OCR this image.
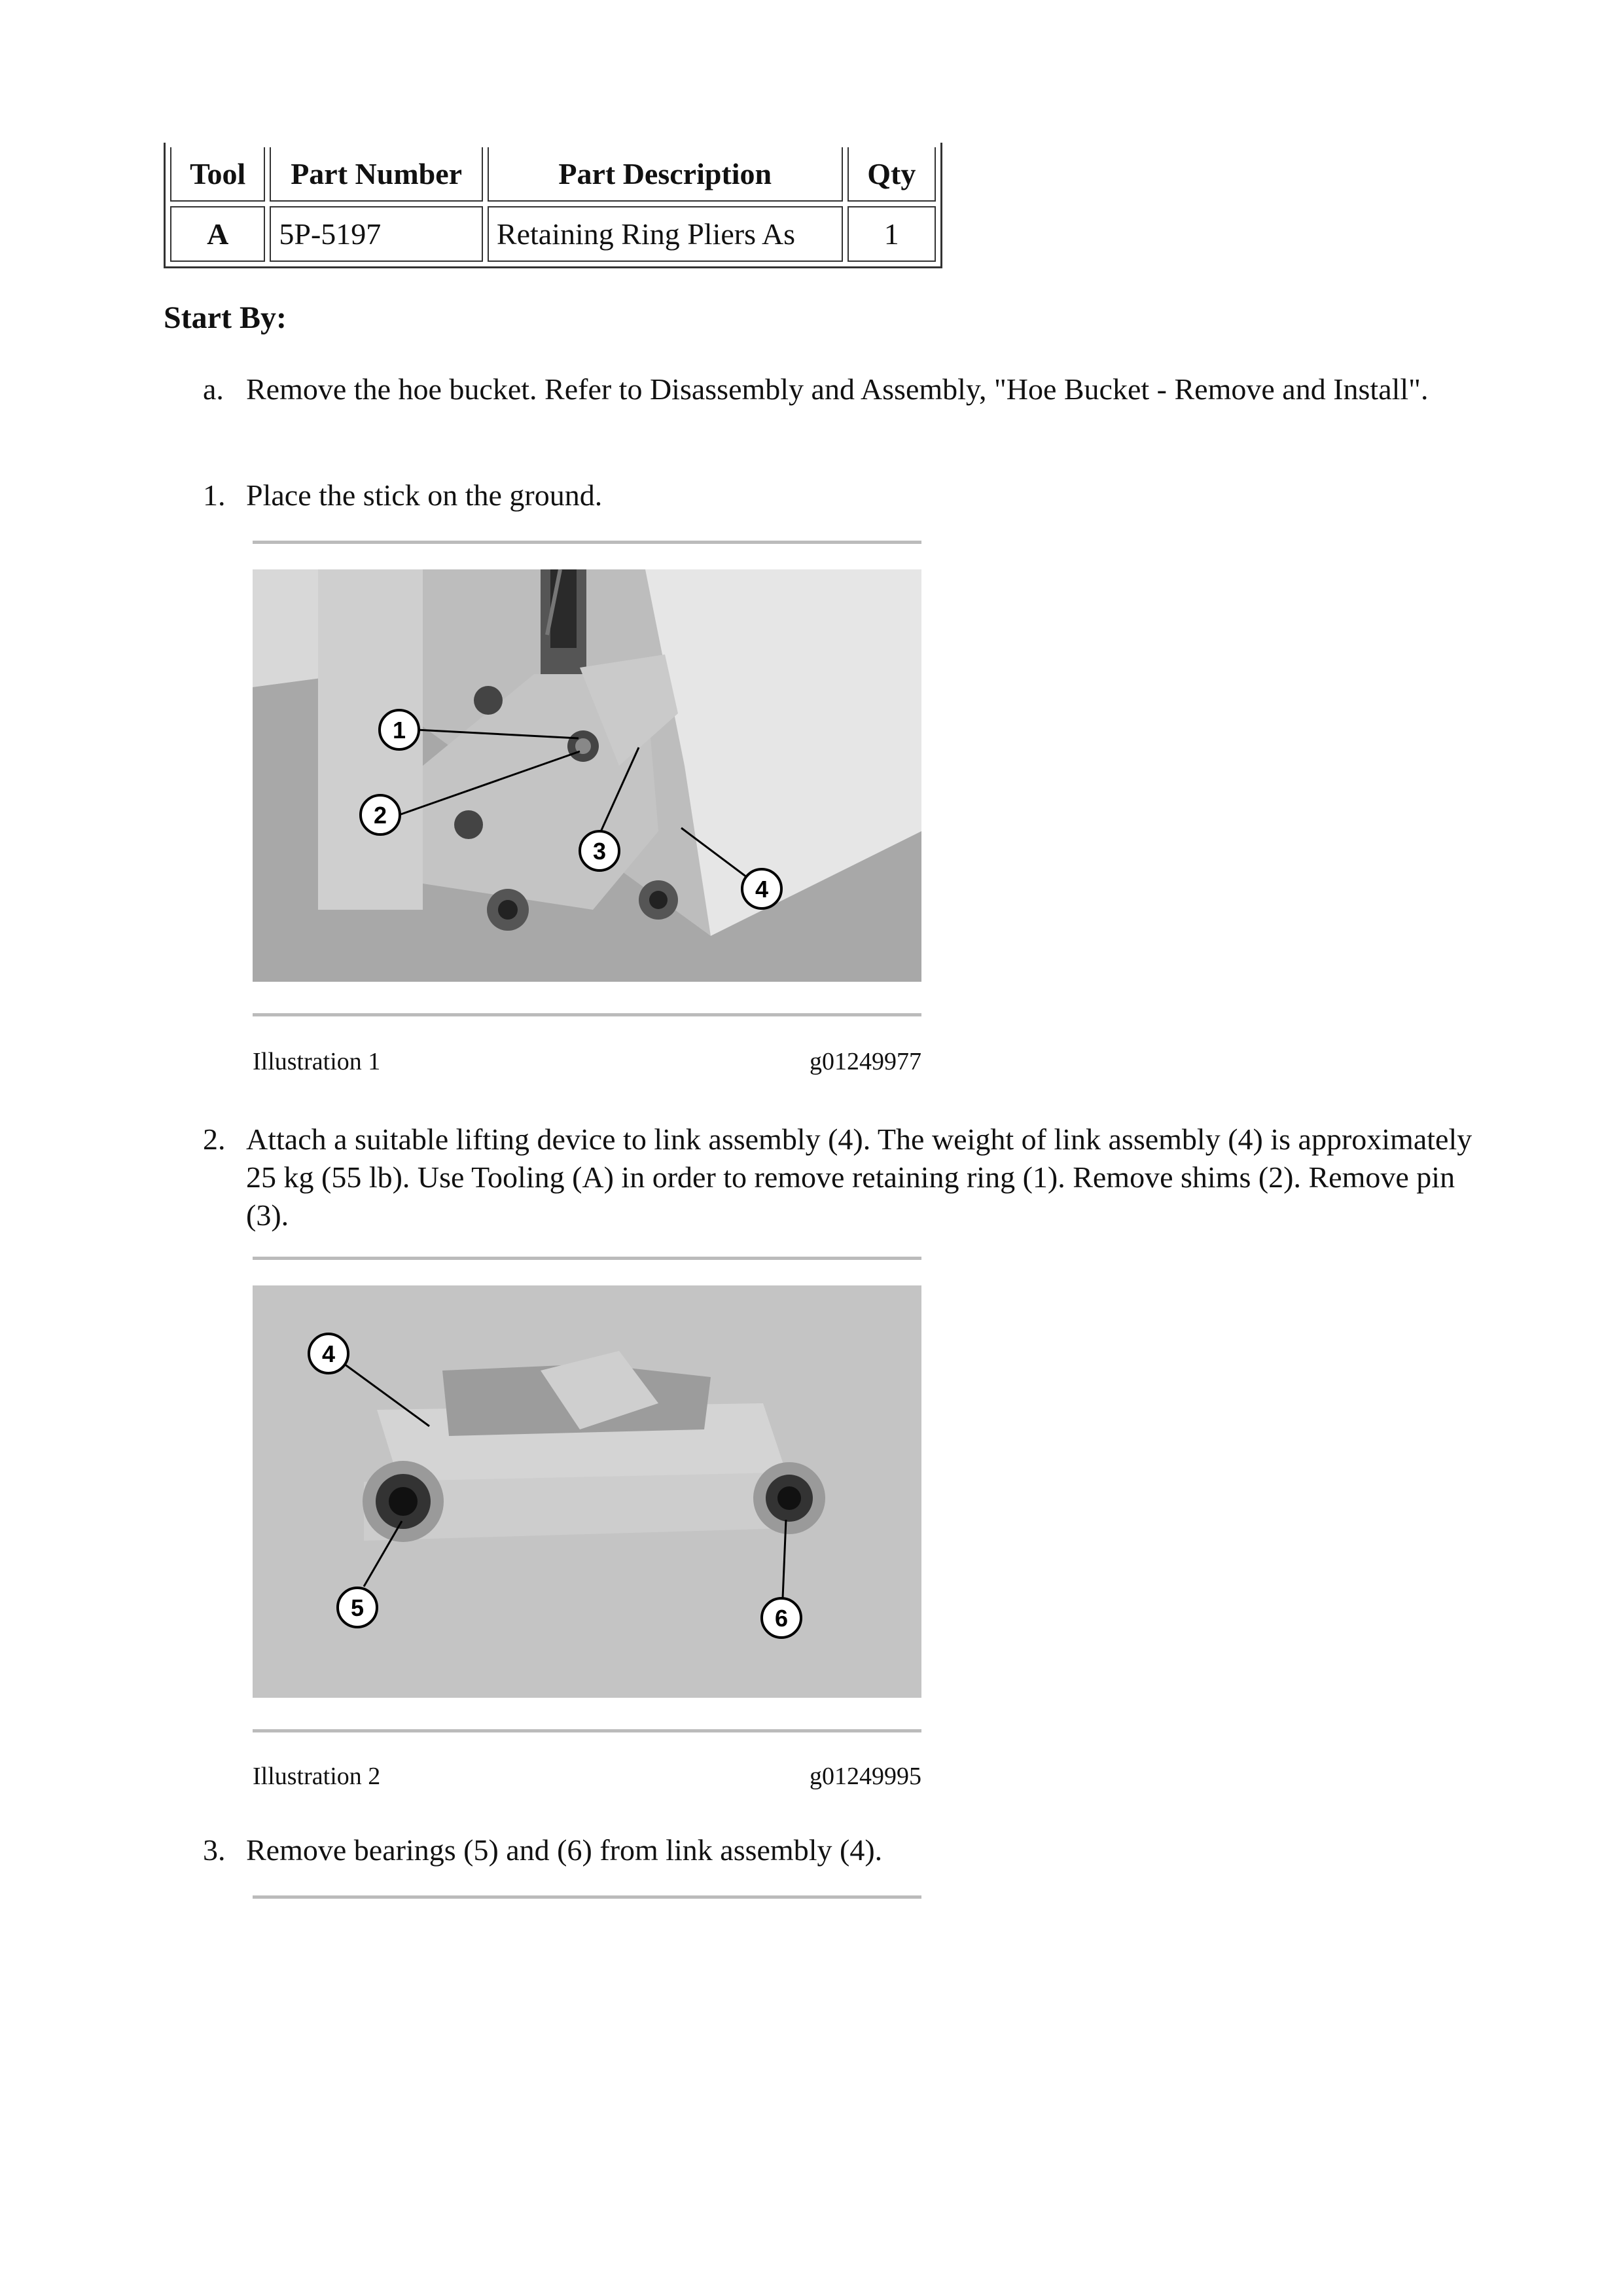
Tool	Part Number	Part Description	Qty
A	5P-5197	Retaining Ring Pliers As	1
Start By:
a. Remove the hoe bucket. Refer to Disassembly and Assembly, "Hoe Bucket - Remove and Install".
1. Place the stick on the ground.
1
2
3
4
Illustration 1	g01249977
2. Attach a suitable lifting device to link assembly (4). The weight of link assembly (4) is approximately 25 kg (55 lb). Use Tooling (A) in order to remove retaining ring (1). Remove shims (2). Remove pin (3).
4
5	6
Illustration 2	g01249995
3. Remove bearings (5) and (6) from link assembly (4).
